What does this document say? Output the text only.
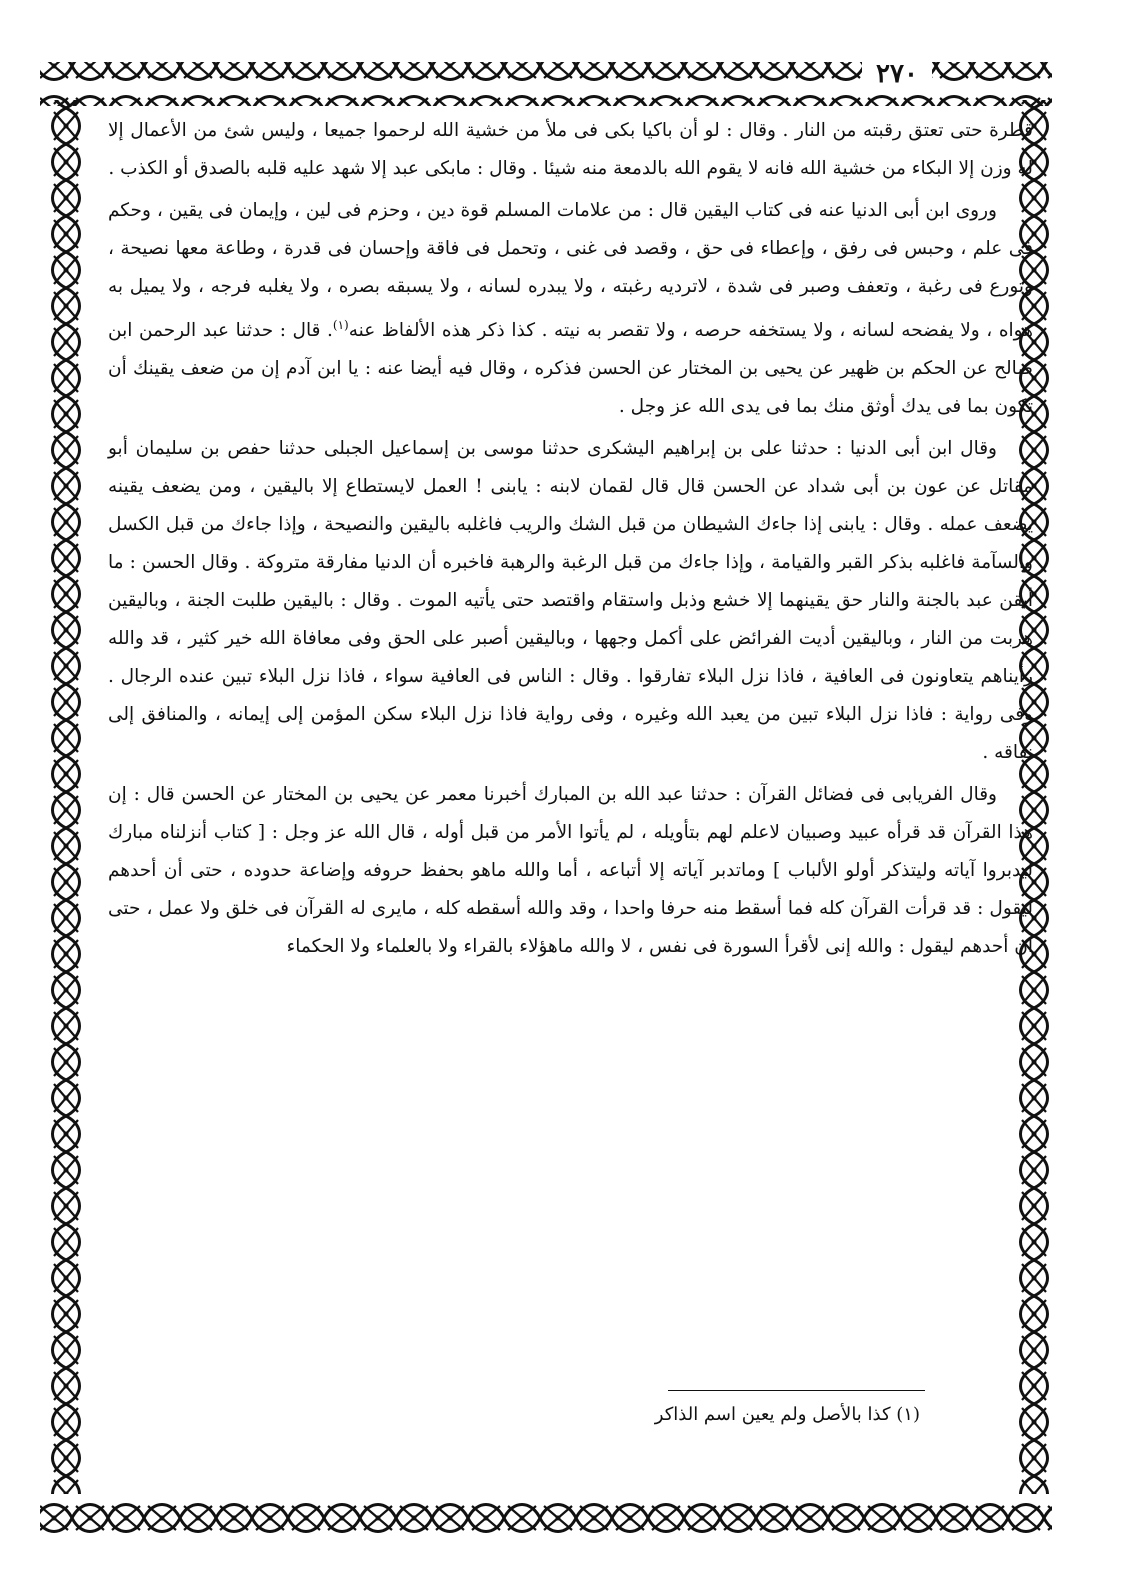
٢٧٠

قطرة حتى تعتق رقبته من النار . وقال : لو أن باكيا بكى فى ملأ من خشية الله لرحموا جميعا ، وليس شئ من الأعمال إلا له وزن إلا البكاء من خشية الله فانه لا يقوم الله بالدمعة منه شيئا . وقال : مابكى عبد إلا شهد عليه قلبه بالصدق أو الكذب .

وروى ابن أبى الدنيا عنه فى كتاب اليقين قال : من علامات المسلم قوة دين ، وحزم فى لين ، وإيمان فى يقين ، وحكم فى علم ، وحبس فى رفق ، وإعطاء فى حق ، وقصد فى غنى ، وتحمل فى فاقة وإحسان فى قدرة ، وطاعة معها نصيحة ، وتورع فى رغبة ، وتعفف وصبر فى شدة ، لاترديه رغبته ، ولا يبدره لسانه ، ولا يسبقه بصره ، ولا يغلبه فرجه ، ولا يميل به هواه ، ولا يفضحه لسانه ، ولا يستخفه حرصه ، ولا تقصر به نيته . كذا ذكر هذه الألفاظ عنه$^{(١)}$. قال : حدثنا عبد الرحمن ابن صالح عن الحكم بن ظهير عن يحيى بن المختار عن الحسن فذكره ، وقال فيه أيضا عنه : يا ابن آدم إن من ضعف يقينك أن تكون بما فى يدك أوثق منك بما فى يدى الله عز وجل .

وقال ابن أبى الدنيا : حدثنا على بن إبراهيم اليشكرى حدثنا موسى بن إسماعيل الجبلى حدثنا حفص بن سليمان أبو مقاتل عن عون بن أبى شداد عن الحسن قال قال لقمان لابنه : يابنى ! العمل لايستطاع إلا باليقين ، ومن يضعف يقينه يضعف عمله . وقال : يابنى إذا جاءك الشيطان من قبل الشك والريب فاغلبه باليقين والنصيحة ، وإذا جاءك من قبل الكسل والسآمة فاغلبه بذكر القبر والقيامة ، وإذا جاءك من قبل الرغبة والرهبة فاخبره أن الدنيا مفارقة متروكة . وقال الحسن : ما أيقن عبد بالجنة والنار حق يقينهما إلا خشع وذبل واستقام واقتصد حتى يأتيه الموت . وقال : باليقين طلبت الجنة ، وباليقين هربت من النار ، وباليقين أديت الفرائض على أكمل وجهها ، وباليقين أصبر على الحق وفى معافاة الله خير كثير ، قد والله رأيناهم يتعاونون فى العافية ، فاذا نزل البلاء تفارقوا . وقال : الناس فى العافية سواء ، فاذا نزل البلاء تبين عنده الرجال . وفى رواية : فاذا نزل البلاء تبين من يعبد الله وغيره ، وفى رواية فاذا نزل البلاء سكن المؤمن إلى إيمانه ، والمنافق إلى نفاقه .

وقال الفريابى فى فضائل القرآن : حدثنا عبد الله بن المبارك أخبرنا معمر عن يحيى بن المختار عن الحسن قال : إن هذا القرآن قد قرأه عبيد وصبيان لاعلم لهم بتأويله ، لم يأتوا الأمر من قبل أوله ، قال الله عز وجل : [ كتاب أنزلناه مبارك ليدبروا آياته وليتذكر أولو الألباب ] وماتدبر آياته إلا أتباعه ، أما والله ماهو بحفظ حروفه وإضاعة حدوده ، حتى أن أحدهم ليقول : قد قرأت القرآن كله فما أسقط منه حرفا واحدا ، وقد والله أسقطه كله ، مايرى له القرآن فى خلق ولا عمل ، حتى ان أحدهم ليقول : والله إنى لأقرأ السورة فى نفس ، لا والله ماهؤلاء بالقراء ولا بالعلماء ولا الحكماء

(١) كذا بالأصل ولم يعين اسم الذاكر
